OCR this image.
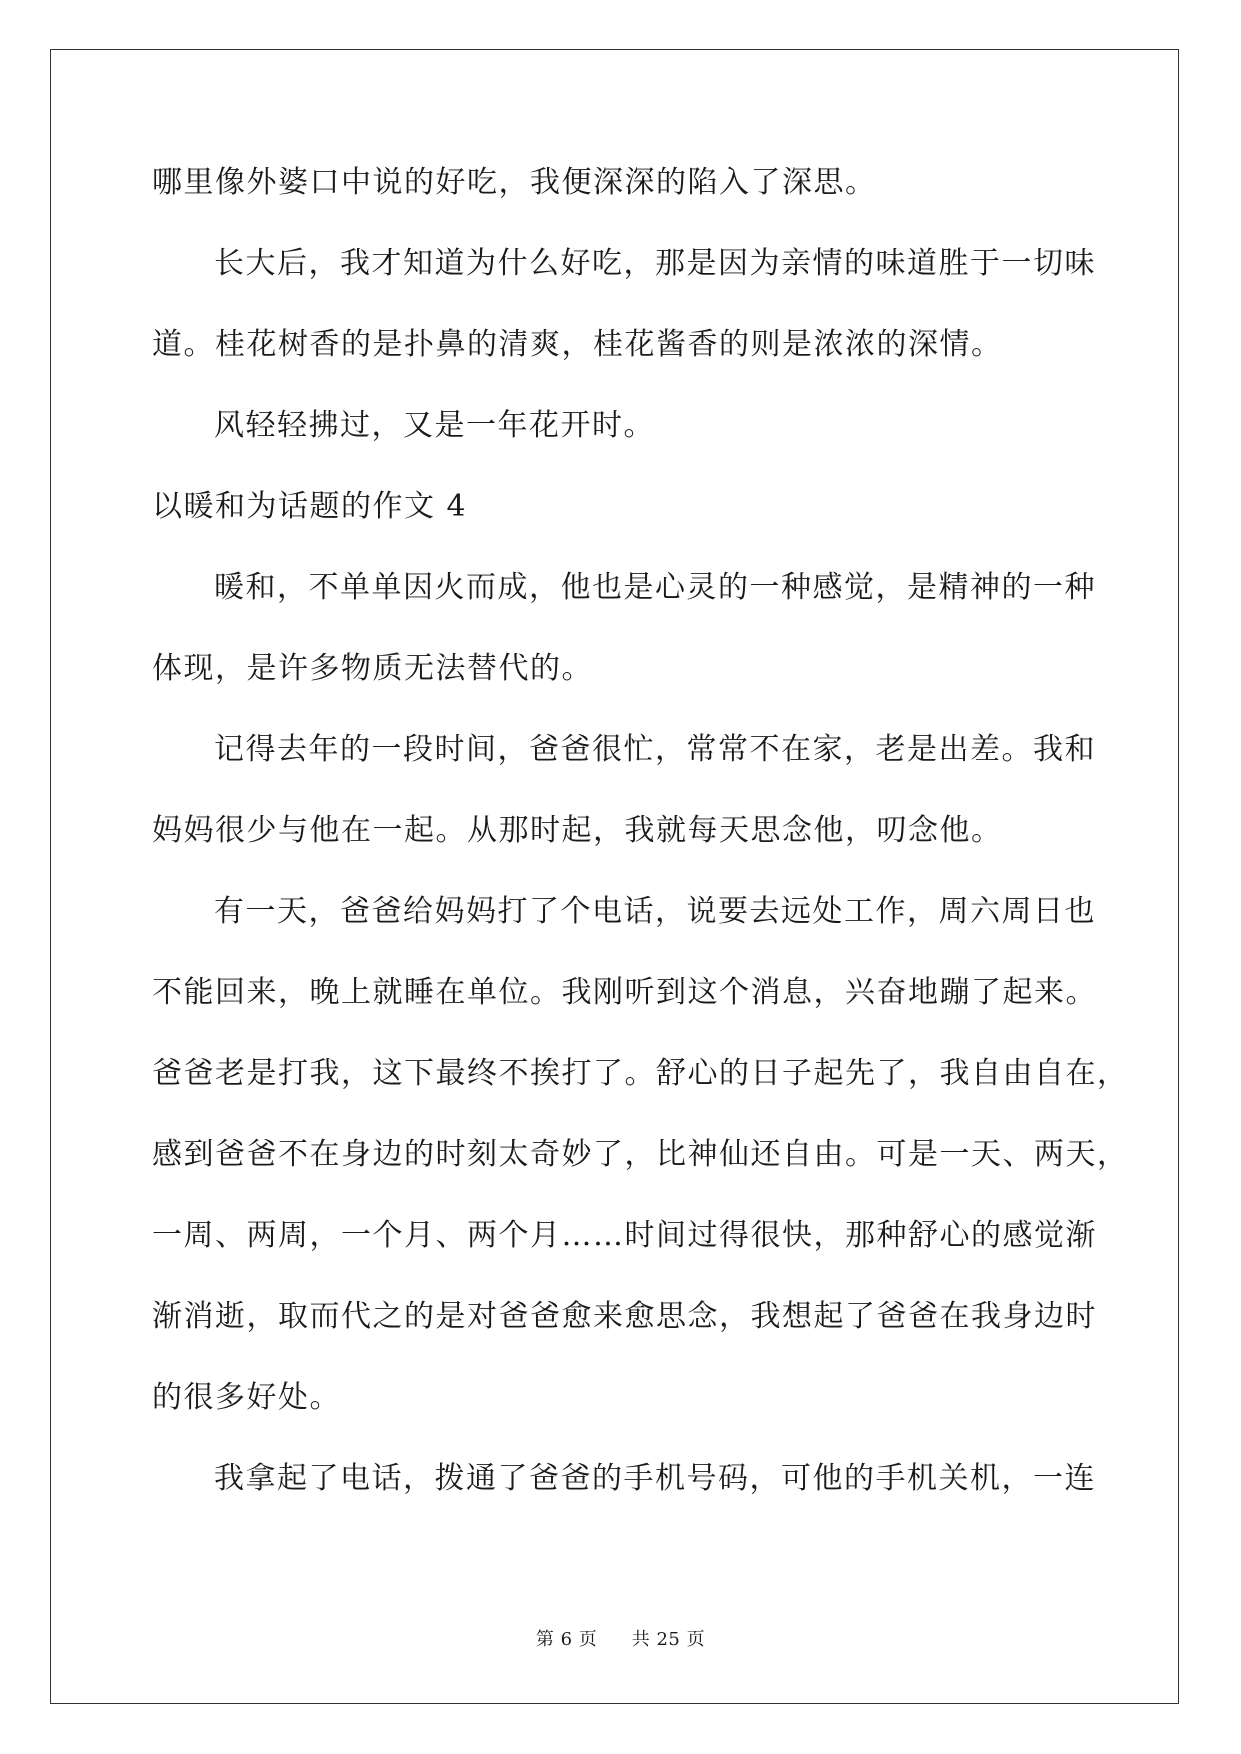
哪里像外婆口中说的好吃，我便深深的陷入了深思。
长大后，我才知道为什么好吃，那是因为亲情的味道胜于一切味
道。桂花树香的是扑鼻的清爽，桂花酱香的则是浓浓的深情。
风轻轻拂过，又是一年花开时。
以暖和为话题的作文 4
暖和，不单单因火而成，他也是心灵的一种感觉，是精神的一种
体现，是许多物质无法替代的。
记得去年的一段时间，爸爸很忙，常常不在家，老是出差。我和
妈妈很少与他在一起。从那时起，我就每天思念他，叨念他。
有一天，爸爸给妈妈打了个电话，说要去远处工作，周六周日也
不能回来，晚上就睡在单位。我刚听到这个消息，兴奋地蹦了起来。
爸爸老是打我，这下最终不挨打了。舒心的日子起先了，我自由自在，
感到爸爸不在身边的时刻太奇妙了，比神仙还自由。可是一天、两天，
一周、两周，一个月、两个月……时间过得很快，那种舒心的感觉渐
渐消逝，取而代之的是对爸爸愈来愈思念，我想起了爸爸在我身边时
的很多好处。
我拿起了电话，拨通了爸爸的手机号码，可他的手机关机，一连
第 6 页 共 25 页
